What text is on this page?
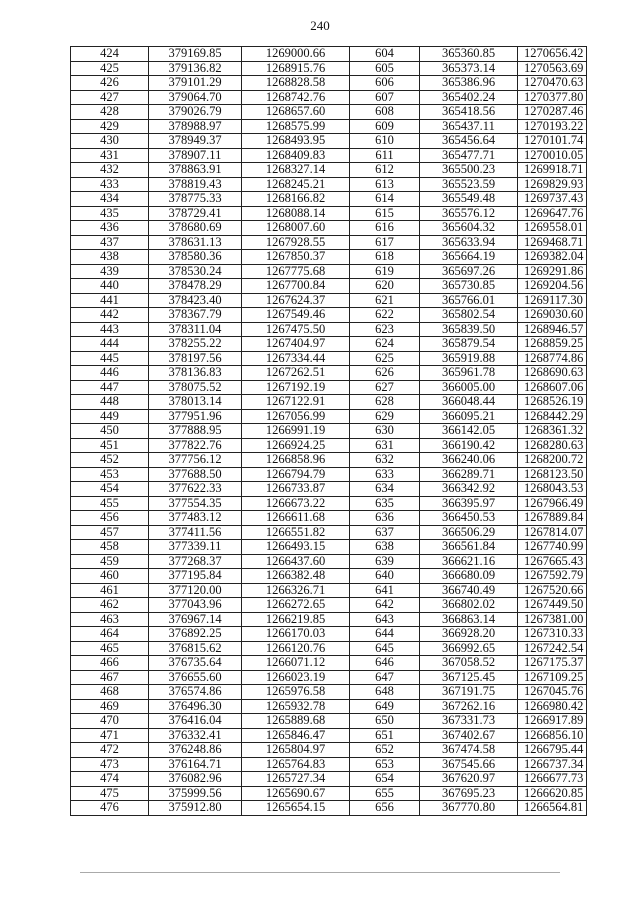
240
424	379169.85	1269000.66	604	365360.85	1270656.42
425	379136.82	1268915.76	605	365373.14	1270563.69
426	379101.29	1268828.58	606	365386.96	1270470.63
427	379064.70	1268742.76	607	365402.24	1270377.80
428	379026.79	1268657.60	608	365418.56	1270287.46
429	378988.97	1268575.99	609	365437.11	1270193.22
430	378949.37	1268493.95	610	365456.64	1270101.74
431	378907.11	1268409.83	611	365477.71	1270010.05
432	378863.91	1268327.14	612	365500.23	1269918.71
433	378819.43	1268245.21	613	365523.59	1269829.93
434	378775.33	1268166.82	614	365549.48	1269737.43
435	378729.41	1268088.14	615	365576.12	1269647.76
436	378680.69	1268007.60	616	365604.32	1269558.01
437	378631.13	1267928.55	617	365633.94	1269468.71
438	378580.36	1267850.37	618	365664.19	1269382.04
439	378530.24	1267775.68	619	365697.26	1269291.86
440	378478.29	1267700.84	620	365730.85	1269204.56
441	378423.40	1267624.37	621	365766.01	1269117.30
442	378367.79	1267549.46	622	365802.54	1269030.60
443	378311.04	1267475.50	623	365839.50	1268946.57
444	378255.22	1267404.97	624	365879.54	1268859.25
445	378197.56	1267334.44	625	365919.88	1268774.86
446	378136.83	1267262.51	626	365961.78	1268690.63
447	378075.52	1267192.19	627	366005.00	1268607.06
448	378013.14	1267122.91	628	366048.44	1268526.19
449	377951.96	1267056.99	629	366095.21	1268442.29
450	377888.95	1266991.19	630	366142.05	1268361.32
451	377822.76	1266924.25	631	366190.42	1268280.63
452	377756.12	1266858.96	632	366240.06	1268200.72
453	377688.50	1266794.79	633	366289.71	1268123.50
454	377622.33	1266733.87	634	366342.92	1268043.53
455	377554.35	1266673.22	635	366395.97	1267966.49
456	377483.12	1266611.68	636	366450.53	1267889.84
457	377411.56	1266551.82	637	366506.29	1267814.07
458	377339.11	1266493.15	638	366561.84	1267740.99
459	377268.37	1266437.60	639	366621.16	1267665.43
460	377195.84	1266382.48	640	366680.09	1267592.79
461	377120.00	1266326.71	641	366740.49	1267520.66
462	377043.96	1266272.65	642	366802.02	1267449.50
463	376967.14	1266219.85	643	366863.14	1267381.00
464	376892.25	1266170.03	644	366928.20	1267310.33
465	376815.62	1266120.76	645	366992.65	1267242.54
466	376735.64	1266071.12	646	367058.52	1267175.37
467	376655.60	1266023.19	647	367125.45	1267109.25
468	376574.86	1265976.58	648	367191.75	1267045.76
469	376496.30	1265932.78	649	367262.16	1266980.42
470	376416.04	1265889.68	650	367331.73	1266917.89
471	376332.41	1265846.47	651	367402.67	1266856.10
472	376248.86	1265804.97	652	367474.58	1266795.44
473	376164.71	1265764.83	653	367545.66	1266737.34
474	376082.96	1265727.34	654	367620.97	1266677.73
475	375999.56	1265690.67	655	367695.23	1266620.85
476	375912.80	1265654.15	656	367770.80	1266564.81
